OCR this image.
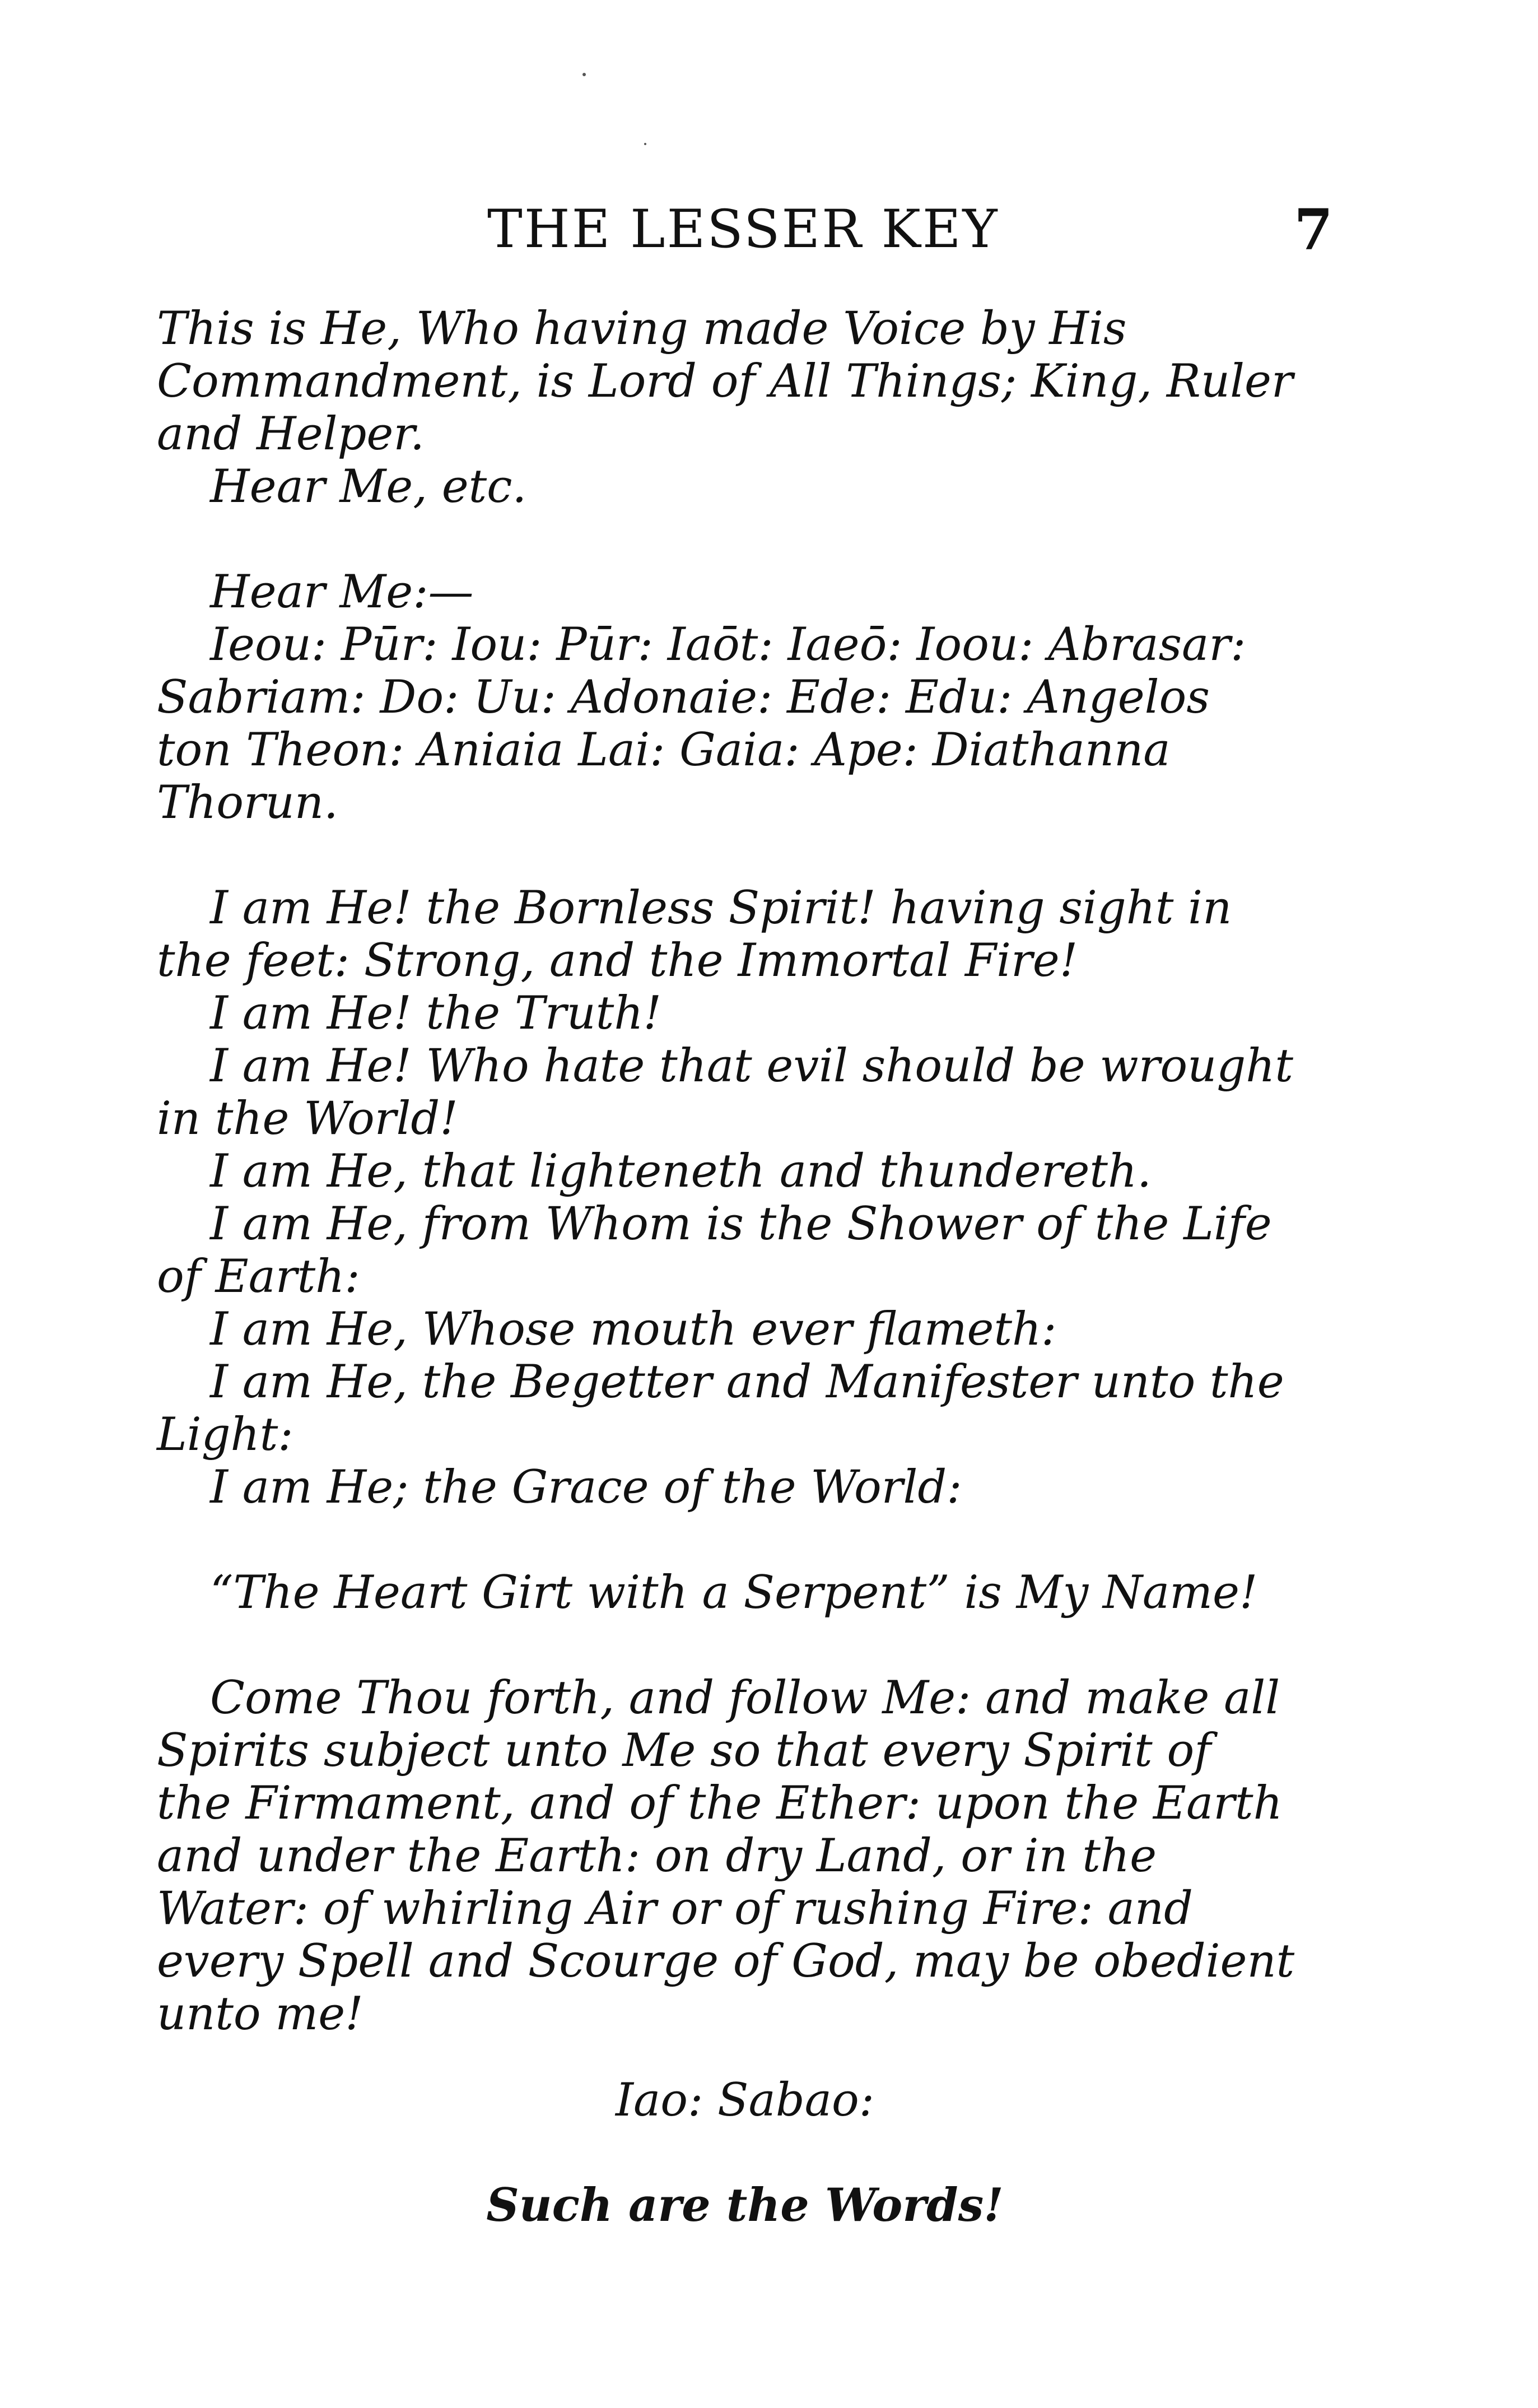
THE LESSER KEY	7
This is He, Who having made Voice by His
Commandment, is Lord of All Things; King, Ruler
and Helper.
Hear Me, etc.
Hear Me:—
Ieou: Pūr: Iou: Pūr: Iaōt: Iaeō: Ioou: Abrasar:
Sabriam: Do: Uu: Adonaie: Ede: Edu: Angelos
ton Theon: Aniaia Lai: Gaia: Ape: Diathanna
Thorun.
I am He! the Bornless Spirit! having sight in
the feet: Strong, and the Immortal Fire!
I am He! the Truth!
I am He! Who hate that evil should be wrought
in the World!
I am He, that lighteneth and thundereth.
I am He, from Whom is the Shower of the Life
of Earth:
I am He, Whose mouth ever flameth:
I am He, the Begetter and Manifester unto the
Light:
I am He; the Grace of the World:
“The Heart Girt with a Serpent” is My Name!
Come Thou forth, and follow Me: and make all
Spirits subject unto Me so that every Spirit of
the Firmament, and of the Ether: upon the Earth
and under the Earth: on dry Land, or in the
Water: of whirling Air or of rushing Fire: and
every Spell and Scourge of God, may be obedient
unto me!
Iao: Sabao:
Such are the Words!
